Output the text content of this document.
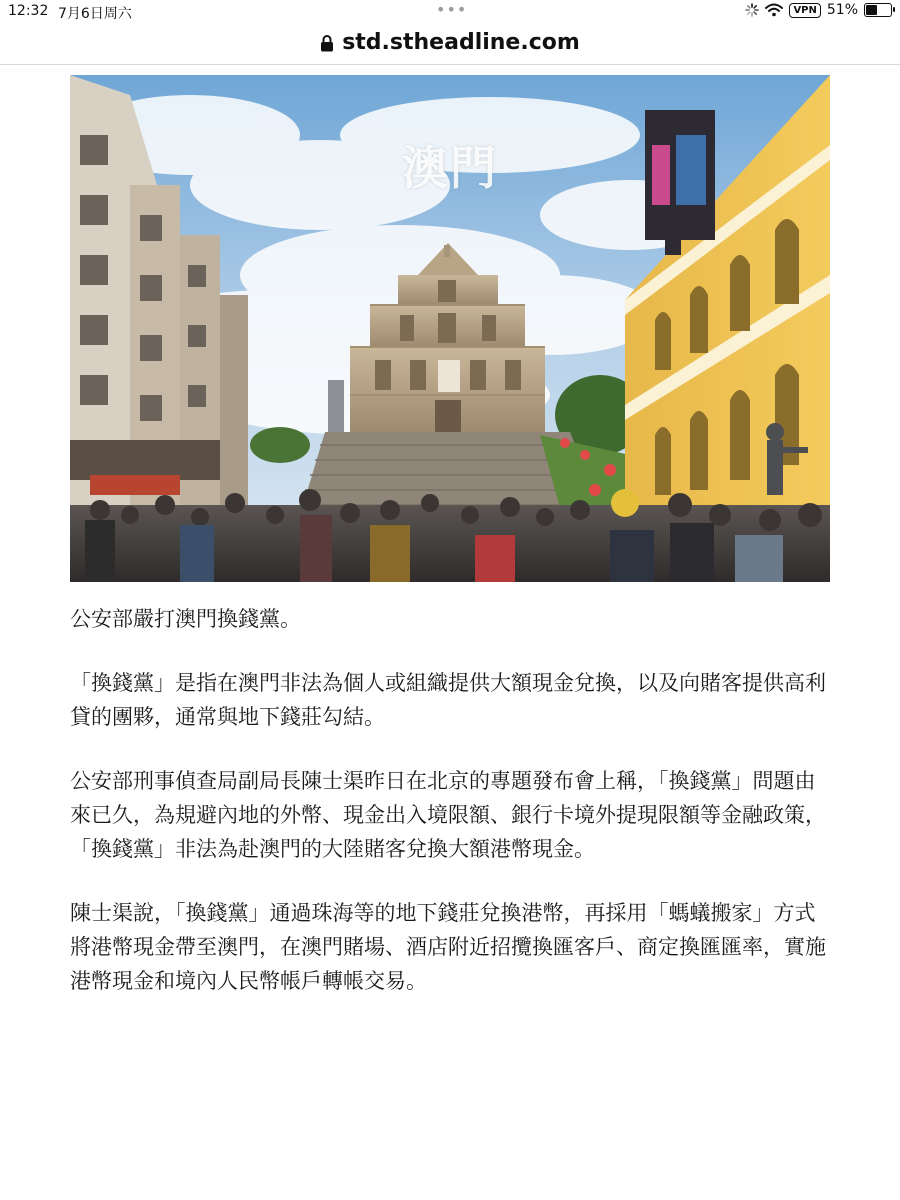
12:32 7月6日周六	•••	VPN 51%
std.stheadline.com
澳門

公安部嚴打澳門換錢黨。

「換錢黨」是指在澳門非法為個人或組織提供大額現金兌換，以及向賭客提供高利貸的團夥，通常與地下錢莊勾結。

公安部刑事偵查局副局長陳士渠昨日在北京的專題發布會上稱，「換錢黨」問題由來已久，為規避內地的外幣、現金出入境限額、銀行卡境外提現限額等金融政策，「換錢黨」非法為赴澳門的大陸賭客兌換大額港幣現金。

陳士渠說，「換錢黨」通過珠海等的地下錢莊兌換港幣，再採用「螞蟻搬家」方式將港幣現金帶至澳門，在澳門賭場、酒店附近招攬換匯客戶、商定換匯匯率，實施港幣現金和境內人民幣帳戶轉帳交易。
